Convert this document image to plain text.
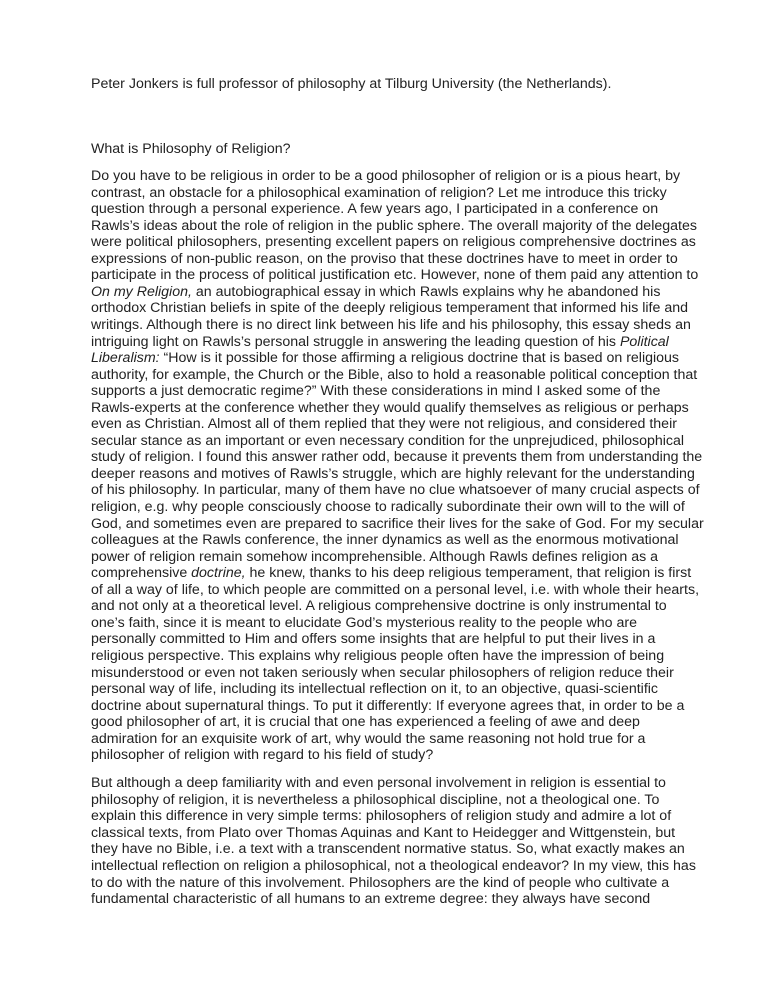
Peter Jonkers is full professor of philosophy at Tilburg University (the Netherlands).

What is Philosophy of Religion?

Do you have to be religious in order to be a good philosopher of religion or is a pious heart, by
contrast, an obstacle for a philosophical examination of religion? Let me introduce this tricky
question through a personal experience. A few years ago, I participated in a conference on
Rawls’s ideas about the role of religion in the public sphere. The overall majority of the delegates
were political philosophers, presenting excellent papers on religious comprehensive doctrines as
expressions of non-public reason, on the proviso that these doctrines have to meet in order to
participate in the process of political justification etc. However, none of them paid any attention to
On my Religion, an autobiographical essay in which Rawls explains why he abandoned his
orthodox Christian beliefs in spite of the deeply religious temperament that informed his life and
writings. Although there is no direct link between his life and his philosophy, this essay sheds an
intriguing light on Rawls’s personal struggle in answering the leading question of his Political
Liberalism: “How is it possible for those affirming a religious doctrine that is based on religious
authority, for example, the Church or the Bible, also to hold a reasonable political conception that
supports a just democratic regime?” With these considerations in mind I asked some of the
Rawls-experts at the conference whether they would qualify themselves as religious or perhaps
even as Christian. Almost all of them replied that they were not religious, and considered their
secular stance as an important or even necessary condition for the unprejudiced, philosophical
study of religion. I found this answer rather odd, because it prevents them from understanding the
deeper reasons and motives of Rawls’s struggle, which are highly relevant for the understanding
of his philosophy. In particular, many of them have no clue whatsoever of many crucial aspects of
religion, e.g. why people consciously choose to radically subordinate their own will to the will of
God, and sometimes even are prepared to sacrifice their lives for the sake of God. For my secular
colleagues at the Rawls conference, the inner dynamics as well as the enormous motivational
power of religion remain somehow incomprehensible. Although Rawls defines religion as a
comprehensive doctrine, he knew, thanks to his deep religious temperament, that religion is first
of all a way of life, to which people are committed on a personal level, i.e. with whole their hearts,
and not only at a theoretical level. A religious comprehensive doctrine is only instrumental to
one’s faith, since it is meant to elucidate God’s mysterious reality to the people who are
personally committed to Him and offers some insights that are helpful to put their lives in a
religious perspective. This explains why religious people often have the impression of being
misunderstood or even not taken seriously when secular philosophers of religion reduce their
personal way of life, including its intellectual reflection on it, to an objective, quasi-scientific
doctrine about supernatural things. To put it differently: If everyone agrees that, in order to be a
good philosopher of art, it is crucial that one has experienced a feeling of awe and deep
admiration for an exquisite work of art, why would the same reasoning not hold true for a
philosopher of religion with regard to his field of study?
But although a deep familiarity with and even personal involvement in religion is essential to
philosophy of religion, it is nevertheless a philosophical discipline, not a theological one. To
explain this difference in very simple terms: philosophers of religion study and admire a lot of
classical texts, from Plato over Thomas Aquinas and Kant to Heidegger and Wittgenstein, but
they have no Bible, i.e. a text with a transcendent normative status. So, what exactly makes an
intellectual reflection on religion a philosophical, not a theological endeavor? In my view, this has
to do with the nature of this involvement. Philosophers are the kind of people who cultivate a
fundamental characteristic of all humans to an extreme degree: they always have second
